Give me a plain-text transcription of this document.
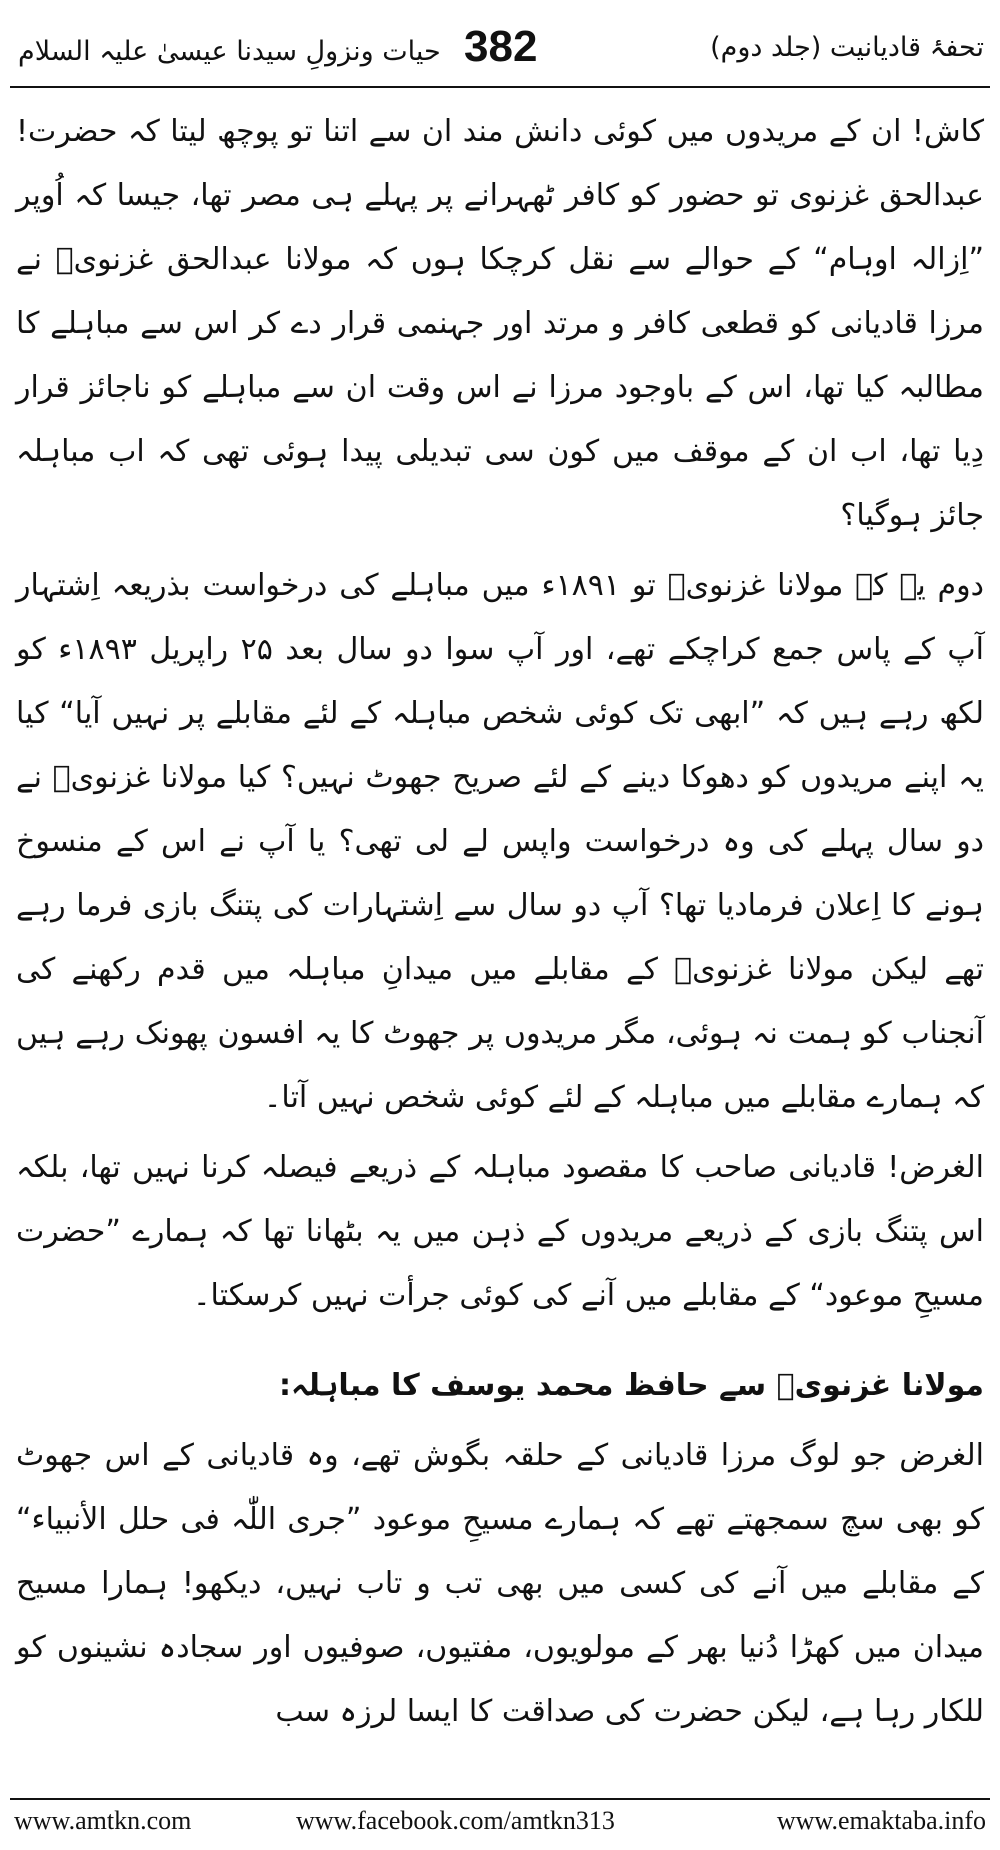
تحفۂ قادیانیت (جلد دوم)
382
حیات ونزولِ سیدنا عیسیٰ علیہ السلام

کاش! ان کے مریدوں میں کوئی دانش مند ان سے اتنا تو پوچھ لیتا کہ حضرت! عبدالحق غزنوی تو حضور کو کافر ٹھہرانے پر پہلے ہی مصر تھا، جیسا کہ اُوپر ”اِزالہ اوہام“ کے حوالے سے نقل کرچکا ہوں کہ مولانا عبدالحق غزنویؒ نے مرزا قادیانی کو قطعی کافر و مرتد اور جہنمی قرار دے کر اس سے مباہلے کا مطالبہ کیا تھا، اس کے باوجود مرزا نے اس وقت ان سے مباہلے کو ناجائز قرار دِیا تھا، اب ان کے موقف میں کون سی تبدیلی پیدا ہوئی تھی کہ اب مباہلہ جائز ہوگیا؟

دوم یہ کہ مولانا غزنویؒ تو ۱۸۹۱ء میں مباہلے کی درخواست بذریعہ اِشتہار آپ کے پاس جمع کراچکے تھے، اور آپ سوا دو سال بعد ۲۵ راپریل ۱۸۹۳ء کو لکھ رہے ہیں کہ ”ابھی تک کوئی شخص مباہلہ کے لئے مقابلے پر نہیں آیا“ کیا یہ اپنے مریدوں کو دھوکا دینے کے لئے صریح جھوٹ نہیں؟ کیا مولانا غزنویؒ نے دو سال پہلے کی وہ درخواست واپس لے لی تھی؟ یا آپ نے اس کے منسوخ ہونے کا اِعلان فرمادیا تھا؟ آپ دو سال سے اِشتہارات کی پتنگ بازی فرما رہے تھے لیکن مولانا غزنویؒ کے مقابلے میں میدانِ مباہلہ میں قدم رکھنے کی آنجناب کو ہمت نہ ہوئی، مگر مریدوں پر جھوٹ کا یہ افسون پھونک رہے ہیں کہ ہمارے مقابلے میں مباہلہ کے لئے کوئی شخص نہیں آتا۔

الغرض! قادیانی صاحب کا مقصود مباہلہ کے ذریعے فیصلہ کرنا نہیں تھا، بلکہ اس پتنگ بازی کے ذریعے مریدوں کے ذہن میں یہ بٹھانا تھا کہ ہمارے ”حضرت مسیحِ موعود“ کے مقابلے میں آنے کی کوئی جرأت نہیں کرسکتا۔

مولانا غزنویؒ سے حافظ محمد یوسف کا مباہلہ:

الغرض جو لوگ مرزا قادیانی کے حلقہ بگوش تھے، وہ قادیانی کے اس جھوٹ کو بھی سچ سمجھتے تھے کہ ہمارے مسیحِ موعود ”جری اللّٰہ فی حلل الأنبیاء“ کے مقابلے میں آنے کی کسی میں بھی تب و تاب نہیں، دیکھو! ہمارا مسیح میدان میں کھڑا دُنیا بھر کے مولویوں، مفتیوں، صوفیوں اور سجادہ نشینوں کو للکار رہا ہے، لیکن حضرت کی صداقت کا ایسا لرزہ سب

www.amtkn.com	www.facebook.com/amtkn313	www.emaktaba.info
